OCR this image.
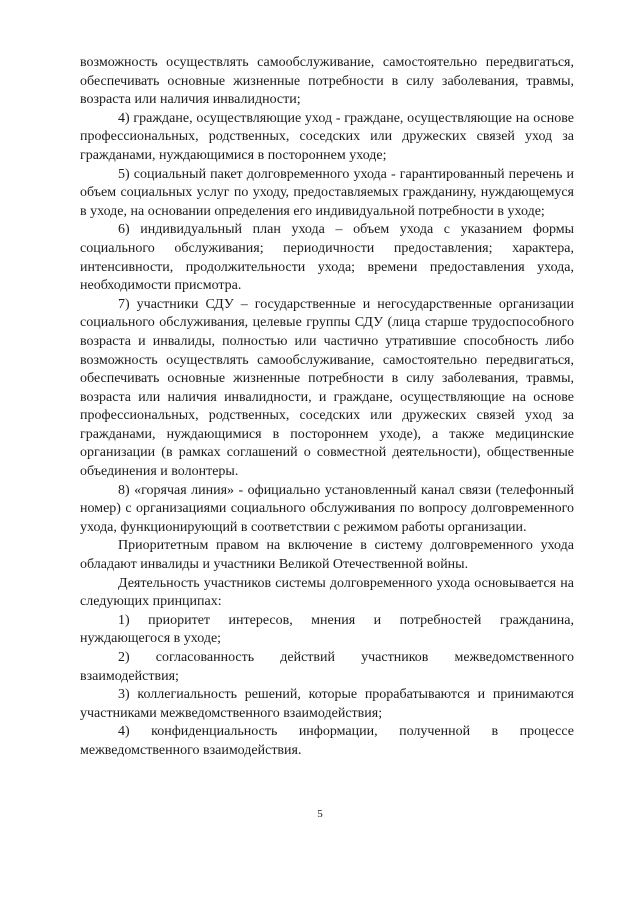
возможность осуществлять самообслуживание, самостоятельно передвигаться, обеспечивать основные жизненные потребности в силу заболевания, травмы, возраста или наличия инвалидности;

4) граждане, осуществляющие уход - граждане, осуществляющие на основе профессиональных, родственных, соседских или дружеских связей уход за гражданами, нуждающимися в постороннем уходе;

5) социальный пакет долговременного ухода - гарантированный перечень и объем социальных услуг по уходу, предоставляемых гражданину, нуждающемуся в уходе, на основании определения его индивидуальной потребности в уходе;

6) индивидуальный план ухода – объем ухода с указанием формы социального обслуживания; периодичности предоставления; характера, интенсивности, продолжительности ухода; времени предоставления ухода, необходимости присмотра.

7) участники СДУ – государственные и негосударственные организации социального обслуживания, целевые группы СДУ (лица старше трудоспособного возраста и инвалиды, полностью или частично утратившие способность либо возможность осуществлять самообслуживание, самостоятельно передвигаться, обеспечивать основные жизненные потребности в силу заболевания, травмы, возраста или наличия инвалидности, и граждане, осуществляющие на основе профессиональных, родственных, соседских или дружеских связей уход за гражданами, нуждающимися в постороннем уходе), а также медицинские организации (в рамках соглашений о совместной деятельности), общественные объединения и волонтеры.

8) «горячая линия» - официально установленный канал связи (телефонный номер) с организациями социального обслуживания по вопросу долговременного ухода, функционирующий в соответствии с режимом работы организации.

Приоритетным правом на включение в систему долговременного ухода обладают инвалиды и участники Великой Отечественной войны.

Деятельность участников системы долговременного ухода основывается на следующих принципах:

1) приоритет интересов, мнения и потребностей гражданина, нуждающегося в уходе;

2) согласованность действий участников межведомственного взаимодействия;

3) коллегиальность решений, которые прорабатываются и принимаются участниками межведомственного взаимодействия;

4) конфиденциальность информации, полученной в процессе межведомственного взаимодействия.

5
